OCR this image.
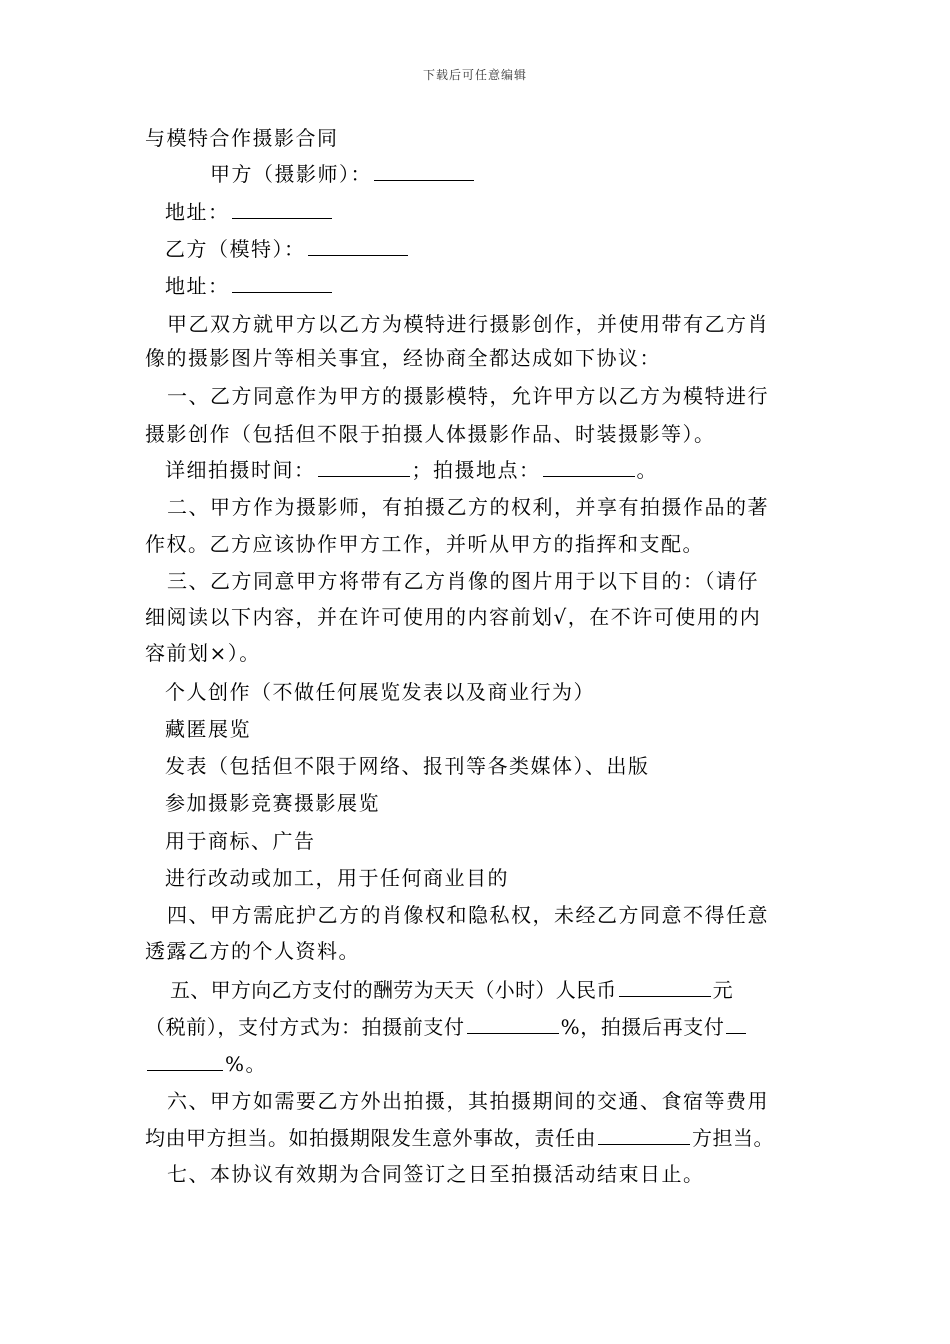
下载后可任意编辑
与模特合作摄影合同
甲方（摄影师）：
地址：
乙方（模特）：
地址：
甲乙双方就甲方以乙方为模特进行摄影创作，并使用带有乙方肖
像的摄影图片等相关事宜，经协商全都达成如下协议：
一、乙方同意作为甲方的摄影模特，允许甲方以乙方为模特进行
摄影创作（包括但不限于拍摄人体摄影作品、时装摄影等）。
详细拍摄时间：	；拍摄地点：	。
二、甲方作为摄影师，有拍摄乙方的权利，并享有拍摄作品的著
作权。乙方应该协作甲方工作，并听从甲方的指挥和支配。
三、乙方同意甲方将带有乙方肖像的图片用于以下目的：（请仔
细阅读以下内容，并在许可使用的内容前划√，在不许可使用的内
容前划×）。
个人创作（不做任何展览发表以及商业行为）
藏匿展览
发表（包括但不限于网络、报刊等各类媒体）、出版
参加摄影竞赛摄影展览
用于商标、广告
进行改动或加工，用于任何商业目的
四、甲方需庇护乙方的肖像权和隐私权，未经乙方同意不得任意
透露乙方的个人资料。
五、甲方向乙方支付的酬劳为天天（小时）人民币	元
（税前），支付方式为：拍摄前支付	%，拍摄后再支付
%。
六、甲方如需要乙方外出拍摄，其拍摄期间的交通、食宿等费用
均由甲方担当。如拍摄期限发生意外事故，责任由	方担当。
七、本协议有效期为合同签订之日至拍摄活动结束日止。
